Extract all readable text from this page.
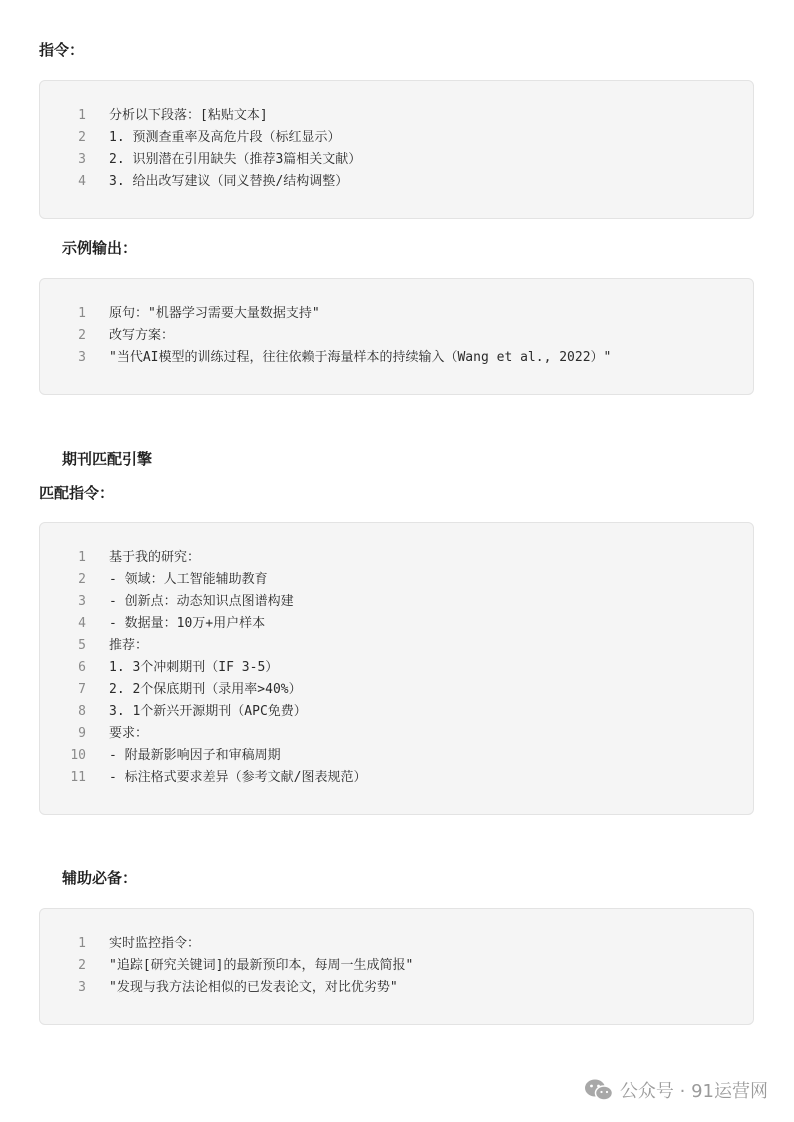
指令：
1 分析以下段落：[粘贴文本]
2 1. 预测查重率及高危片段（标红显示）
3 2. 识别潜在引用缺失（推荐3篇相关文献）
4 3. 给出改写建议（同义替换/结构调整）
示例输出：
1 原句："机器学习需要大量数据支持"
2 改写方案：
3 "当代AI模型的训练过程，往往依赖于海量样本的持续输入（Wang et al., 2022）"
期刊匹配引擎
匹配指令：
1 基于我的研究：
2 - 领域：人工智能辅助教育
3 - 创新点：动态知识点图谱构建
4 - 数据量：10万+用户样本
5 推荐：
6 1. 3个冲刺期刊（IF 3-5）
7 2. 2个保底期刊（录用率>40%）
8 3. 1个新兴开源期刊（APC免费）
9 要求：
10 - 附最新影响因子和审稿周期
11 - 标注格式要求差异（参考文献/图表规范）
辅助必备：
1 实时监控指令：
2 "追踪[研究关键词]的最新预印本，每周一生成简报"
3 "发现与我方法论相似的已发表论文，对比优劣势"
公众号 · 91运营网
